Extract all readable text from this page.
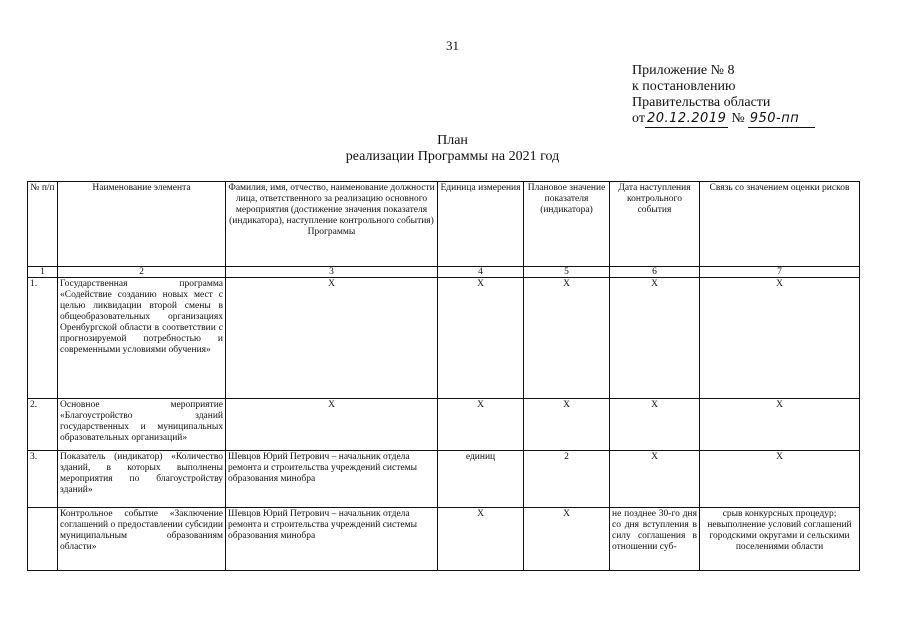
31
Приложение № 8
к постановлению
Правительства области
от 20.12.2019 № 950-пп
План
реализации Программы на 2021 год
№ п/п	Наименование элемента	Фамилия, имя, отчество, наименование должности лица, ответственного за реализацию основного мероприятия (достижение значения показателя (индикатора), наступление контрольного события) Программы	Единица измерения	Плановое значение показателя (индикатора)	Дата наступления контрольного события	Связь со значением оценки рисков
1	2	3	4	5	6	7
1.	Государственная программа «Содействие созданию новых мест с целью ликвидации второй смены в общеобразовательных организациях Оренбургской области в соответствии с прогнозируемой потребностью и современными условиями обучения»	Х	Х	Х	Х	Х
2.	Основное мероприятие «Благоустройство зданий государственных и муниципальных образовательных организаций»	Х	Х	Х	Х	Х
3.	Показатель (индикатор) «Количество зданий, в которых выполнены мероприятия по благоустройству зданий»	Шевцов Юрий Петрович – начальник отдела ремонта и строительства учреждений системы образования минобра	единиц	2	Х	Х
	Контрольное событие «Заключение соглашений о предоставлении субсидии муниципальным образованиям области»	Шевцов Юрий Петрович – начальник отдела ремонта и строительства учреждений системы образования минобра	Х	Х	не позднее 30-го дня со дня вступления в силу соглашения в отношении суб-	срыв конкурсных процедур; невыполнение условий соглашений городскими округами и сельскими поселениями области
